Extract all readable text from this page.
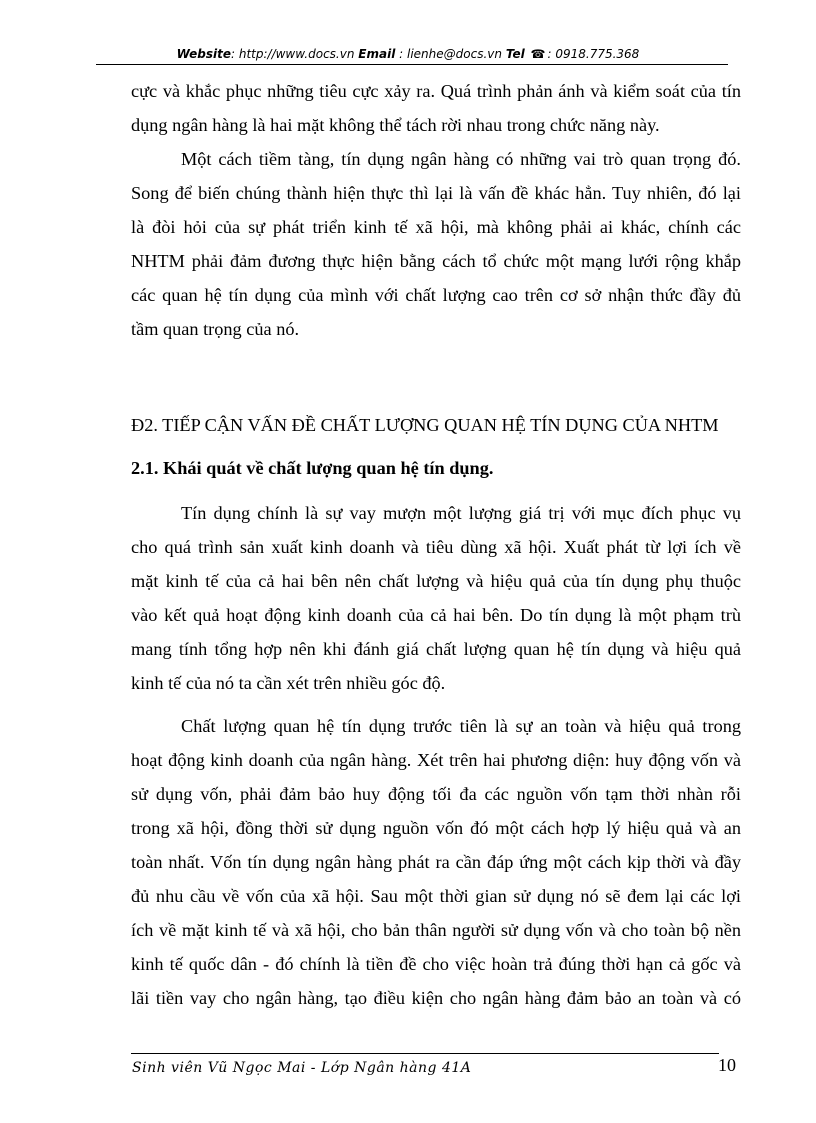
Website: http://www.docs.vn Email : lienhe@docs.vn Tel ☎ : 0918.775.368
cực và khắc phục những tiêu cực xảy ra. Quá trình phản ánh và kiểm soát của tín
dụng ngân hàng là hai mặt không thể tách rời nhau trong chức năng này.
Một cách tiềm tàng, tín dụng ngân hàng có những vai trò quan trọng đó.
Song để biến chúng thành hiện thực thì lại là vấn đề khác hẳn. Tuy nhiên, đó lại
là đòi hỏi của sự phát triển kinh tế xã hội, mà không phải ai khác, chính các
NHTM phải đảm đương thực hiện bằng cách tổ chức một mạng lưới rộng khắp
các quan hệ tín dụng của mình với chất lượng cao trên cơ sở nhận thức đầy đủ
tầm quan trọng của nó.
Đ2. TIẾP CẬN VẤN ĐỀ CHẤT LƯỢNG QUAN HỆ TÍN DỤNG CỦA NHTM
2.1. Khái quát về chất lượng quan hệ tín dụng.
Tín dụng chính là sự vay mượn một lượng giá trị với mục đích phục vụ
cho quá trình sản xuất kinh doanh và tiêu dùng xã hội. Xuất phát từ lợi ích về
mặt kinh tế của cả hai bên nên chất lượng và hiệu quả của tín dụng phụ thuộc
vào kết quả hoạt động kinh doanh của cả hai bên. Do tín dụng là một phạm trù
mang tính tổng hợp nên khi đánh giá chất lượng quan hệ tín dụng và hiệu quả
kinh tế của nó ta cần xét trên nhiều góc độ.
Chất lượng quan hệ tín dụng trước tiên là sự an toàn và hiệu quả trong
hoạt động kinh doanh của ngân hàng. Xét trên hai phương diện: huy động vốn và
sử dụng vốn, phải đảm bảo huy động tối đa các nguồn vốn tạm thời nhàn rỗi
trong xã hội, đồng thời sử dụng nguồn vốn đó một cách hợp lý hiệu quả và an
toàn nhất. Vốn tín dụng ngân hàng phát ra cần đáp ứng một cách kịp thời và đầy
đủ nhu cầu về vốn của xã hội. Sau một thời gian sử dụng nó sẽ đem lại các lợi
ích về mặt kinh tế và xã hội, cho bản thân người sử dụng vốn và cho toàn bộ nền
kinh tế quốc dân - đó chính là tiền đề cho việc hoàn trả đúng thời hạn cả gốc và
lãi tiền vay cho ngân hàng, tạo điều kiện cho ngân hàng đảm bảo an toàn và có
Sinh viên Vũ Ngọc Mai - Lớp Ngân hàng 41A	10
